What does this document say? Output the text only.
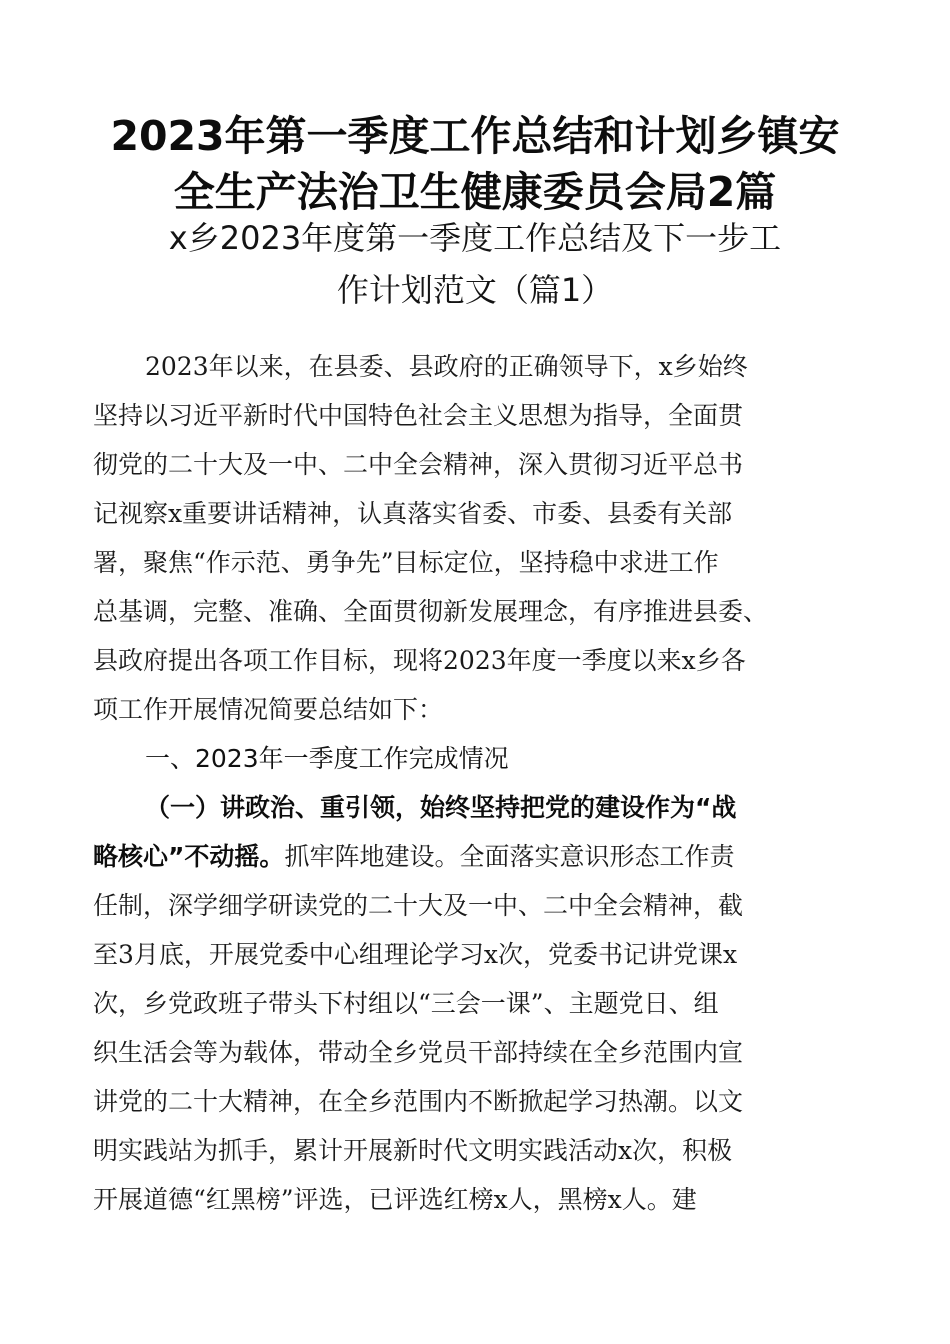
2023年第一季度工作总结和计划乡镇安
全生产法治卫生健康委员会局2篇
x乡2023年度第一季度工作总结及下一步工
作计划范文（篇1）
2023年以来，在县委、县政府的正确领导下，x乡始终
坚持以习近平新时代中国特色社会主义思想为指导，全面贯
彻党的二十大及一中、二中全会精神，深入贯彻习近平总书
记视察x重要讲话精神，认真落实省委、市委、县委有关部
署，聚焦“作示范、勇争先”目标定位，坚持稳中求进工作
总基调，完整、准确、全面贯彻新发展理念，有序推进县委、
县政府提出各项工作目标，现将2023年度一季度以来x乡各
项工作开展情况简要总结如下：
一、2023年一季度工作完成情况
（一）讲政治、重引领，始终坚持把党的建设作为“战
略核心”不动摇。抓牢阵地建设。全面落实意识形态工作责
任制，深学细学研读党的二十大及一中、二中全会精神，截
至3月底，开展党委中心组理论学习x次，党委书记讲党课x
次，乡党政班子带头下村组以“三会一课”、主题党日、组
织生活会等为载体，带动全乡党员干部持续在全乡范围内宣
讲党的二十大精神，在全乡范围内不断掀起学习热潮。以文
明实践站为抓手，累计开展新时代文明实践活动x次，积极
开展道德“红黑榜”评选，已评选红榜x人，黑榜x人。建
